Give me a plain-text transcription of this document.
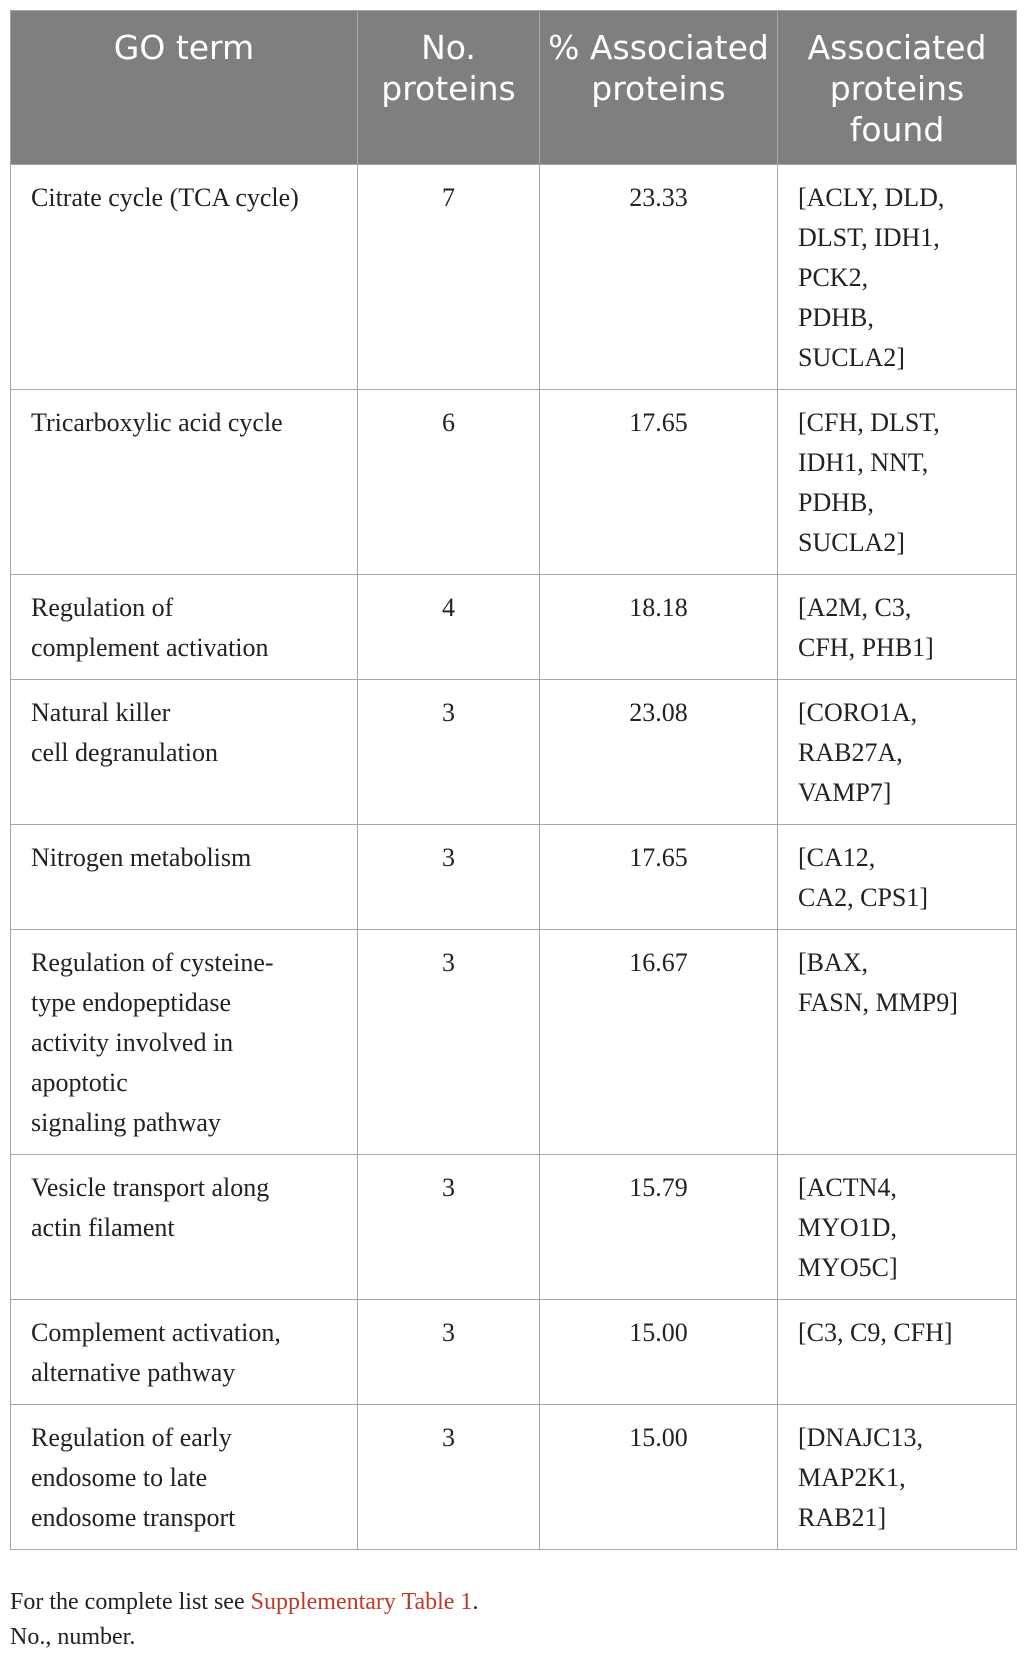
GO term	No. proteins	% Associated proteins	Associated proteins found
Citrate cycle (TCA cycle)	7	23.33	[ACLY, DLD,
DLST, IDH1,
PCK2,
PDHB,
SUCLA2]
Tricarboxylic acid cycle	6	17.65	[CFH, DLST,
IDH1, NNT,
PDHB,
SUCLA2]
Regulation of
complement activation	4	18.18	[A2M, C3,
CFH, PHB1]
Natural killer
cell degranulation	3	23.08	[CORO1A,
RAB27A,
VAMP7]
Nitrogen metabolism	3	17.65	[CA12,
CA2, CPS1]
Regulation of cysteine-
type endopeptidase
activity involved in
apoptotic
signaling pathway	3	16.67	[BAX,
FASN, MMP9]
Vesicle transport along
actin filament	3	15.79	[ACTN4,
MYO1D,
MYO5C]
Complement activation,
alternative pathway	3	15.00	[C3, C9, CFH]
Regulation of early
endosome to late
endosome transport	3	15.00	[DNAJC13,
MAP2K1,
RAB21]
For the complete list see Supplementary Table 1.
No., number.
